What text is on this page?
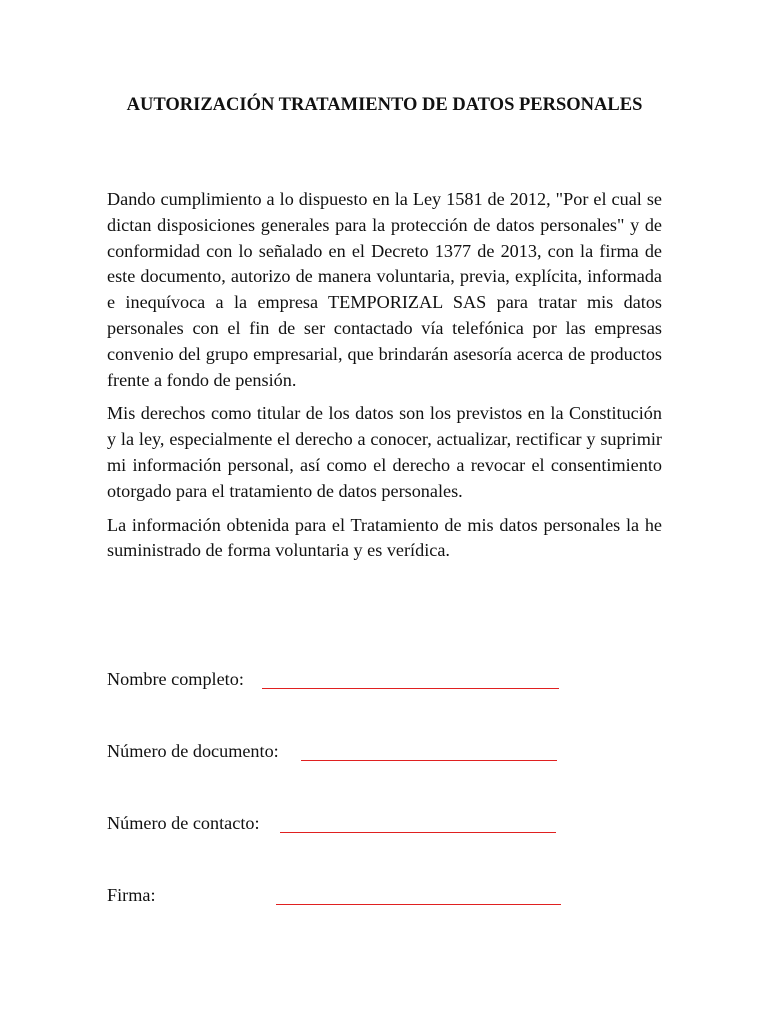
AUTORIZACIÓN TRATAMIENTO DE DATOS PERSONALES

Dando cumplimiento a lo dispuesto en la Ley 1581 de 2012, "Por el cual se dictan disposiciones generales para la protección de datos personales" y de conformidad con lo señalado en el Decreto 1377 de 2013, con la firma de este documento, autorizo de manera voluntaria, previa, explícita, informada e inequívoca a la empresa TEMPORIZAL SAS para tratar mis datos personales con el fin de ser contactado vía telefónica por las empresas convenio del grupo empresarial, que brindarán asesoría acerca de productos frente a fondo de pensión.

Mis derechos como titular de los datos son los previstos en la Constitución y la ley, especialmente el derecho a conocer, actualizar, rectificar y suprimir mi información personal, así como el derecho a revocar el consentimiento otorgado para el tratamiento de datos personales.

La información obtenida para el Tratamiento de mis datos personales la he suministrado de forma voluntaria y es verídica.

Nombre completo:
Número de documento:
Número de contacto:
Firma:
